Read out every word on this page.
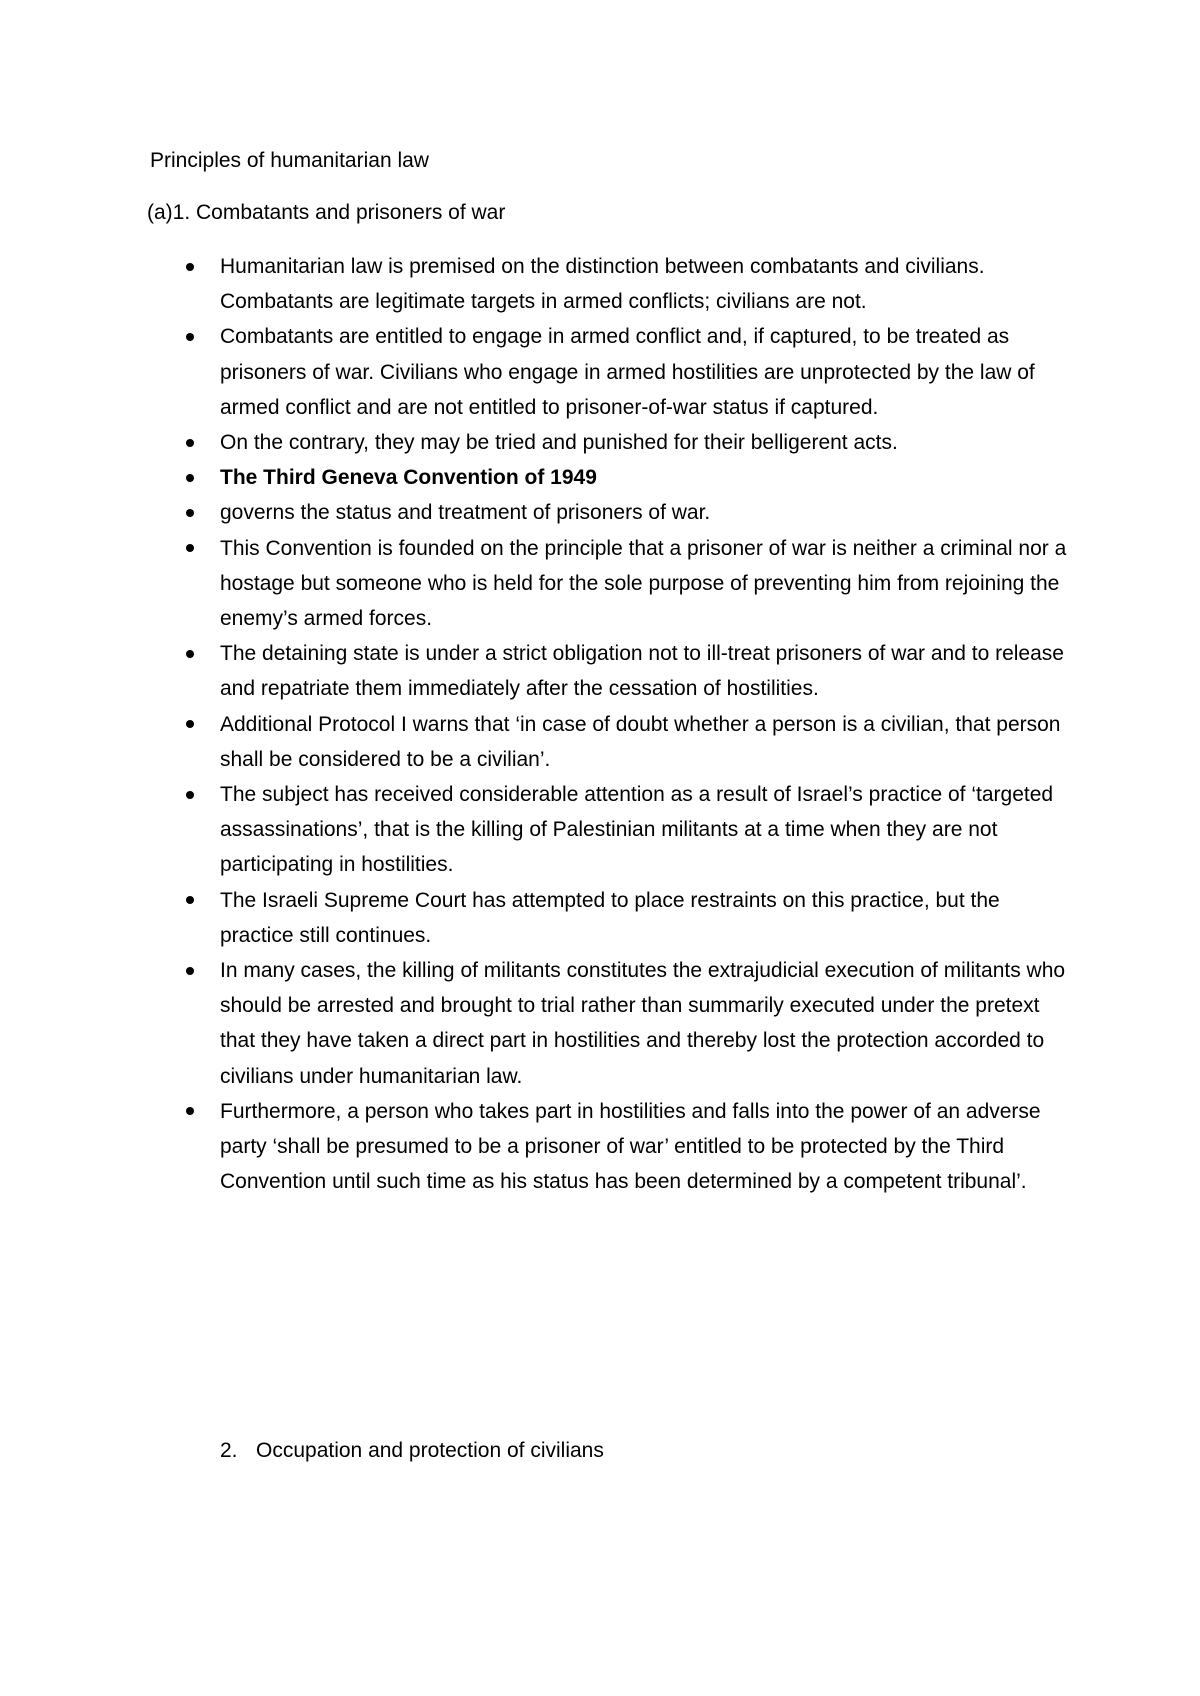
Principles of humanitarian law
(a)1. Combatants and prisoners of war
Humanitarian law is premised on the distinction between combatants and civilians. Combatants are legitimate targets in armed conflicts; civilians are not.
Combatants are entitled to engage in armed conflict and, if captured, to be treated as prisoners of war. Civilians who engage in armed hostilities are unprotected by the law of armed conflict and are not entitled to prisoner-of-war status if captured.
On the contrary, they may be tried and punished for their belligerent acts.
The Third Geneva Convention of 1949
governs the status and treatment of prisoners of war.
This Convention is founded on the principle that a prisoner of war is neither a criminal nor a hostage but someone who is held for the sole purpose of preventing him from rejoining the enemy’s armed forces.
The detaining state is under a strict obligation not to ill-treat prisoners of war and to release and repatriate them immediately after the cessation of hostilities.
Additional Protocol I warns that ‘in case of doubt whether a person is a civilian, that person shall be considered to be a civilian’.
The subject has received considerable attention as a result of Israel’s practice of ‘targeted assassinations’, that is the killing of Palestinian militants at a time when they are not participating in hostilities.
The Israeli Supreme Court has attempted to place restraints on this practice, but the practice still continues.
In many cases, the killing of militants constitutes the extrajudicial execution of militants who should be arrested and brought to trial rather than summarily executed under the pretext that they have taken a direct part in hostilities and thereby lost the protection accorded to civilians under humanitarian law.
Furthermore, a person who takes part in hostilities and falls into the power of an adverse party ‘shall be presumed to be a prisoner of war’ entitled to be protected by the Third Convention until such time as his status has been determined by a competent tribunal’.
2. Occupation and protection of civilians
